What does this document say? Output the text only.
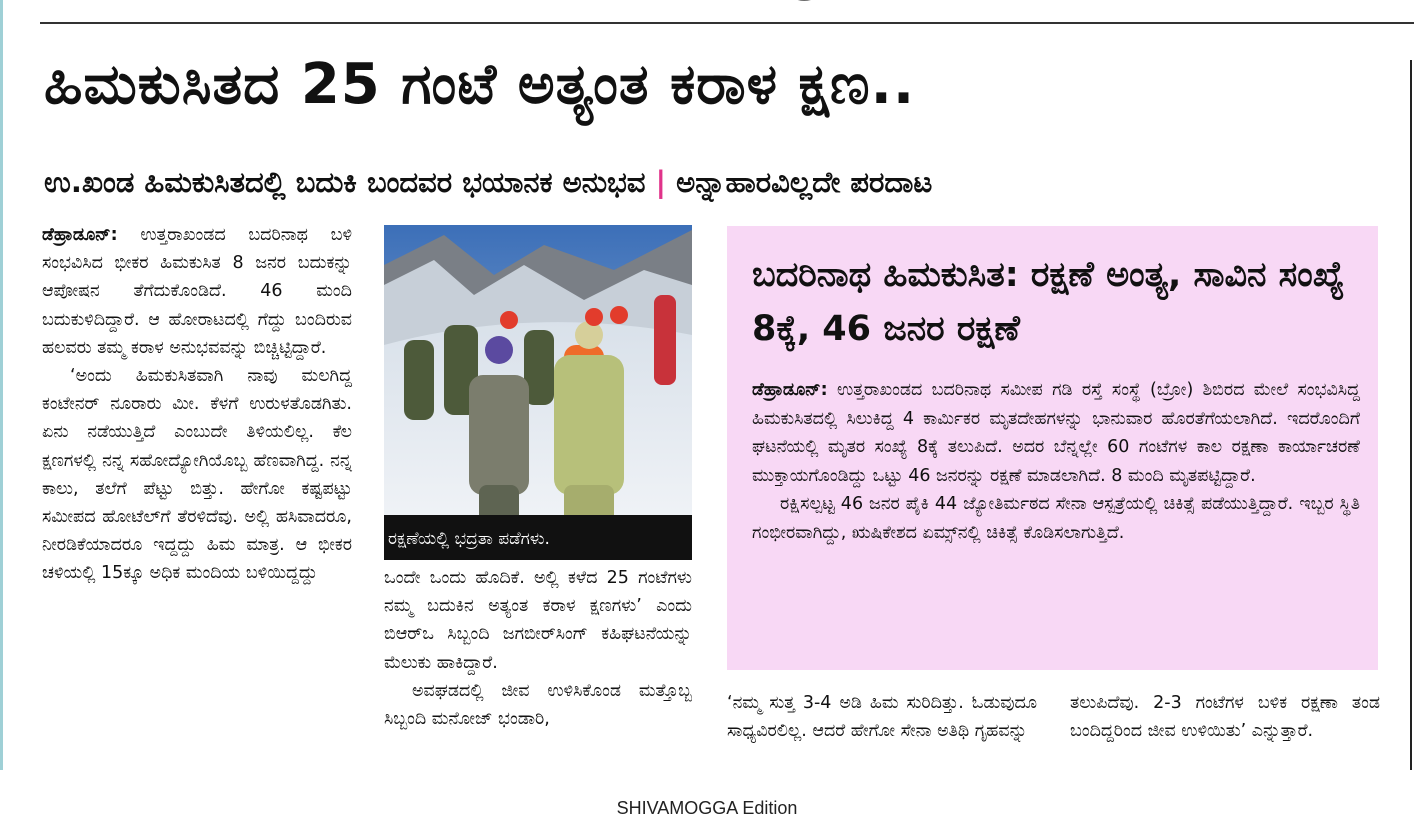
ಹಿಮಕುಸಿತದ 25 ಗಂಟೆ ಅತ್ಯಂತ ಕರಾಳ ಕ್ಷಣ..
ಉ.ಖಂಡ ಹಿಮಕುಸಿತದಲ್ಲಿ ಬದುಕಿ ಬಂದವರ ಭಯಾನಕ ಅನುಭವ | ಅನ್ನಾಹಾರವಿಲ್ಲದೇ ಪರದಾಟ

ಡೆಹ್ರಾಡೂನ್: ಉತ್ತರಾಖಂಡದ ಬದರಿನಾಥ ಬಳಿ ಸಂಭವಿಸಿದ ಭೀಕರ ಹಿಮಕುಸಿತ 8 ಜನರ ಬದುಕನ್ನು ಆಪೋಷನ ತೆಗೆದುಕೊಂಡಿದೆ. 46 ಮಂದಿ ಬದುಕುಳಿದಿದ್ದಾರೆ. ಆ ಹೋರಾಟದಲ್ಲಿ ಗೆದ್ದು ಬಂದಿರುವ ಹಲವರು ತಮ್ಮ ಕರಾಳ ಅನುಭವವನ್ನು ಬಿಚ್ಚಿಟ್ಟಿದ್ದಾರೆ.

‘ಅಂದು ಹಿಮಕುಸಿತವಾಗಿ ನಾವು ಮಲಗಿದ್ದ ಕಂಟೇನರ್ ನೂರಾರು ಮೀ. ಕೆಳಗೆ ಉರುಳತೊಡಗಿತು. ಏನು ನಡೆಯುತ್ತಿದೆ ಎಂಬುದೇ ತಿಳಿಯಲಿಲ್ಲ. ಕೆಲ ಕ್ಷಣಗಳಲ್ಲಿ ನನ್ನ ಸಹೋದ್ಯೋಗಿಯೊಬ್ಬ ಹೆಣವಾಗಿದ್ದ. ನನ್ನ ಕಾಲು, ತಲೆಗೆ ಪೆಟ್ಟು ಬಿತ್ತು. ಹೇಗೋ ಕಷ್ಟಪಟ್ಟು ಸಮೀಪದ ಹೋಟೆಲ್‌ಗೆ ತೆರಳಿದೆವು. ಅಲ್ಲಿ ಹಸಿವಾದರೂ, ನೀರಡಿಕೆಯಾದರೂ ಇದ್ದದ್ದು ಹಿಮ ಮಾತ್ರ. ಆ ಭೀಕರ ಚಳಿಯಲ್ಲಿ 15ಕ್ಕೂ ಅಧಿಕ ಮಂದಿಯ ಬಳಿಯಿದ್ದದ್ದು

ರಕ್ಷಣೆಯಲ್ಲಿ ಭದ್ರತಾ ಪಡೆಗಳು.

ಒಂದೇ ಒಂದು ಹೊದಿಕೆ. ಅಲ್ಲಿ ಕಳೆದ 25 ಗಂಟೆಗಳು ನಮ್ಮ ಬದುಕಿನ ಅತ್ಯಂತ ಕರಾಳ ಕ್ಷಣಗಳು’ ಎಂದು ಬಿಆರ್‌ಒ ಸಿಬ್ಬಂದಿ ಜಗಬೀರ್‌ಸಿಂಗ್ ಕಹಿಘಟನೆಯನ್ನು ಮೆಲುಕು ಹಾಕಿದ್ದಾರೆ.

ಅವಘಡದಲ್ಲಿ ಜೀವ ಉಳಿಸಿಕೊಂಡ ಮತ್ತೊಬ್ಬ ಸಿಬ್ಬಂದಿ ಮನೋಜ್ ಭಂಡಾರಿ,

ಬದರಿನಾಥ ಹಿಮಕುಸಿತ: ರಕ್ಷಣೆ ಅಂತ್ಯ, ಸಾವಿನ ಸಂಖ್ಯೆ 8ಕ್ಕೆ, 46 ಜನರ ರಕ್ಷಣೆ

ಡೆಹ್ರಾಡೂನ್: ಉತ್ತರಾಖಂಡದ ಬದರಿನಾಥ ಸಮೀಪ ಗಡಿ ರಸ್ತೆ ಸಂಸ್ಥೆ (ಬ್ರೋ) ಶಿಬಿರದ ಮೇಲೆ ಸಂಭವಿಸಿದ್ದ ಹಿಮಕುಸಿತದಲ್ಲಿ ಸಿಲುಕಿದ್ದ 4 ಕಾರ್ಮಿಕರ ಮೃತದೇಹಗಳನ್ನು ಭಾನುವಾರ ಹೊರತೆಗೆಯಲಾಗಿದೆ. ಇದರೊಂದಿಗೆ ಘಟನೆಯಲ್ಲಿ ಮೃತರ ಸಂಖ್ಯೆ 8ಕ್ಕೆ ತಲುಪಿದೆ. ಅದರ ಬೆನ್ನಲ್ಲೇ 60 ಗಂಟೆಗಳ ಕಾಲ ರಕ್ಷಣಾ ಕಾರ್ಯಾಚರಣೆ ಮುಕ್ತಾಯಗೊಂಡಿದ್ದು ಒಟ್ಟು 46 ಜನರನ್ನು ರಕ್ಷಣೆ ಮಾಡಲಾಗಿದೆ. 8 ಮಂದಿ ಮೃತಪಟ್ಟಿದ್ದಾರೆ.

ರಕ್ಷಿಸಲ್ಪಟ್ಟ 46 ಜನರ ಪೈಕಿ 44 ಜ್ಯೋತಿರ್ಮಠದ ಸೇನಾ ಆಸ್ಪತ್ರೆಯಲ್ಲಿ ಚಿಕಿತ್ಸೆ ಪಡೆಯುತ್ತಿದ್ದಾರೆ. ಇಬ್ಬರ ಸ್ಥಿತಿ ಗಂಭೀರವಾಗಿದ್ದು, ಋಷಿಕೇಶದ ಏಮ್ಸ್‌ನಲ್ಲಿ ಚಿಕಿತ್ಸೆ ಕೊಡಿಸಲಾಗುತ್ತಿದೆ.

‘ನಮ್ಮ ಸುತ್ತ 3-4 ಅಡಿ ಹಿಮ ಸುರಿದಿತ್ತು. ಓಡುವುದೂ ಸಾಧ್ಯವಿರಲಿಲ್ಲ. ಆದರೆ ಹೇಗೋ ಸೇನಾ ಅತಿಥಿ ಗೃಹವನ್ನು

ತಲುಪಿದೆವು. 2-3 ಗಂಟೆಗಳ ಬಳಿಕ ರಕ್ಷಣಾ ತಂಡ ಬಂದಿದ್ದರಿಂದ ಜೀವ ಉಳಿಯಿತು’ ಎನ್ನುತ್ತಾರೆ.

SHIVAMOGGA Edition
